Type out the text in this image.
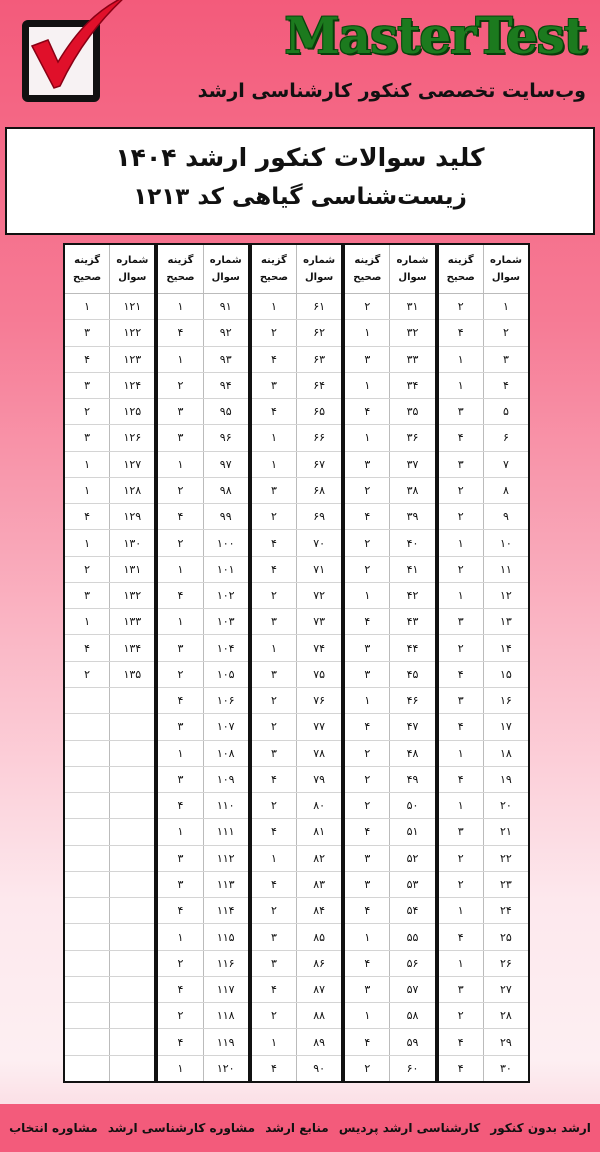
MasterTest

وب‌سایت تخصصی کنکور کارشناسی ارشد

کلید سوالات کنکور ارشد ۱۴۰۴
زیست‌شناسی گیاهی کد ۱۲۱۳
گزینه
صحیح
شماره
سوال
۱	۱۲۱
۳	۱۲۲
۴	۱۲۳
۳	۱۲۴
۲	۱۲۵
۳	۱۲۶
۱	۱۲۷
۱	۱۲۸
۴	۱۲۹
۱	۱۳۰
۲	۱۳۱
۳	۱۳۲
۱	۱۳۳
۴	۱۳۴
۲	۱۳۵
گزینه
صحیح
شماره
سوال
۱	۹۱
۴	۹۲
۱	۹۳
۲	۹۴
۳	۹۵
۳	۹۶
۱	۹۷
۲	۹۸
۴	۹۹
۲	۱۰۰
۱	۱۰۱
۴	۱۰۲
۱	۱۰۳
۳	۱۰۴
۲	۱۰۵
۴	۱۰۶
۳	۱۰۷
۱	۱۰۸
۳	۱۰۹
۴	۱۱۰
۱	۱۱۱
۳	۱۱۲
۳	۱۱۳
۴	۱۱۴
۱	۱۱۵
۲	۱۱۶
۴	۱۱۷
۲	۱۱۸
۴	۱۱۹
۱	۱۲۰
گزینه
صحیح
شماره
سوال
۱	۶۱
۲	۶۲
۴	۶۳
۳	۶۴
۴	۶۵
۱	۶۶
۱	۶۷
۳	۶۸
۲	۶۹
۴	۷۰
۴	۷۱
۲	۷۲
۳	۷۳
۱	۷۴
۳	۷۵
۲	۷۶
۲	۷۷
۳	۷۸
۴	۷۹
۲	۸۰
۴	۸۱
۱	۸۲
۴	۸۳
۲	۸۴
۳	۸۵
۳	۸۶
۴	۸۷
۲	۸۸
۱	۸۹
۴	۹۰
گزینه
صحیح
شماره
سوال
۲	۳۱
۱	۳۲
۳	۳۳
۱	۳۴
۴	۳۵
۱	۳۶
۳	۳۷
۲	۳۸
۴	۳۹
۲	۴۰
۲	۴۱
۱	۴۲
۴	۴۳
۳	۴۴
۳	۴۵
۱	۴۶
۴	۴۷
۲	۴۸
۲	۴۹
۲	۵۰
۴	۵۱
۳	۵۲
۳	۵۳
۴	۵۴
۱	۵۵
۴	۵۶
۳	۵۷
۱	۵۸
۴	۵۹
۲	۶۰
گزینه
صحیح
شماره
سوال
۲	۱
۴	۲
۱	۳
۱	۴
۳	۵
۴	۶
۳	۷
۲	۸
۲	۹
۱	۱۰
۲	۱۱
۱	۱۲
۳	۱۳
۲	۱۴
۴	۱۵
۳	۱۶
۴	۱۷
۱	۱۸
۴	۱۹
۱	۲۰
۳	۲۱
۲	۲۲
۲	۲۳
۱	۲۴
۴	۲۵
۱	۲۶
۳	۲۷
۲	۲۸
۴	۲۹
۴	۳۰
ارشد بدون کنکور
کارشناسی ارشد پردیس
منابع ارشد
مشاوره کارشناسی ارشد
مشاوره انتخاب
